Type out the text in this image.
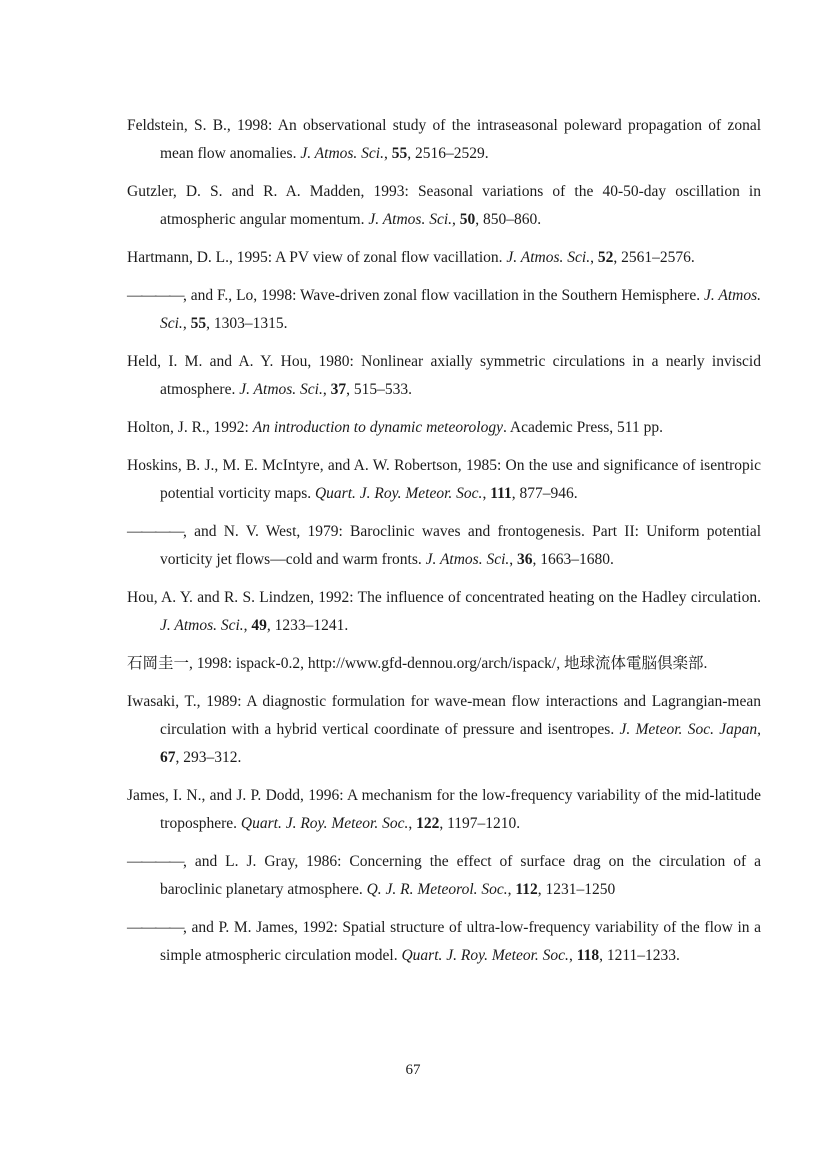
Feldstein, S. B., 1998: An observational study of the intraseasonal poleward propagation of zonal mean flow anomalies. J. Atmos. Sci., 55, 2516–2529.

Gutzler, D. S. and R. A. Madden, 1993: Seasonal variations of the 40-50-day oscillation in atmospheric angular momentum. J. Atmos. Sci., 50, 850–860.

Hartmann, D. L., 1995: A PV view of zonal flow vacillation. J. Atmos. Sci., 52, 2561–2576.

————, and F., Lo, 1998: Wave-driven zonal flow vacillation in the Southern Hemisphere. J. Atmos. Sci., 55, 1303–1315.

Held, I. M. and A. Y. Hou, 1980: Nonlinear axially symmetric circulations in a nearly inviscid atmosphere. J. Atmos. Sci., 37, 515–533.

Holton, J. R., 1992: An introduction to dynamic meteorology. Academic Press, 511 pp.

Hoskins, B. J., M. E. McIntyre, and A. W. Robertson, 1985: On the use and significance of isentropic potential vorticity maps. Quart. J. Roy. Meteor. Soc., 111, 877–946.

————, and N. V. West, 1979: Baroclinic waves and frontogenesis. Part II: Uniform potential vorticity jet flows—cold and warm fronts. J. Atmos. Sci., 36, 1663–1680.

Hou, A. Y. and R. S. Lindzen, 1992: The influence of concentrated heating on the Hadley circulation. J. Atmos. Sci., 49, 1233–1241.

石岡圭一, 1998: ispack-0.2, http://www.gfd-dennou.org/arch/ispack/, 地球流体電脳倶楽部.

Iwasaki, T., 1989: A diagnostic formulation for wave-mean flow interactions and Lagrangian-mean circulation with a hybrid vertical coordinate of pressure and isentropes. J. Meteor. Soc. Japan, 67, 293–312.

James, I. N., and J. P. Dodd, 1996: A mechanism for the low-frequency variability of the mid-latitude troposphere. Quart. J. Roy. Meteor. Soc., 122, 1197–1210.

————, and L. J. Gray, 1986: Concerning the effect of surface drag on the circulation of a baroclinic planetary atmosphere. Q. J. R. Meteorol. Soc., 112, 1231–1250

————, and P. M. James, 1992: Spatial structure of ultra-low-frequency variability of the flow in a simple atmospheric circulation model. Quart. J. Roy. Meteor. Soc., 118, 1211–1233.

67
